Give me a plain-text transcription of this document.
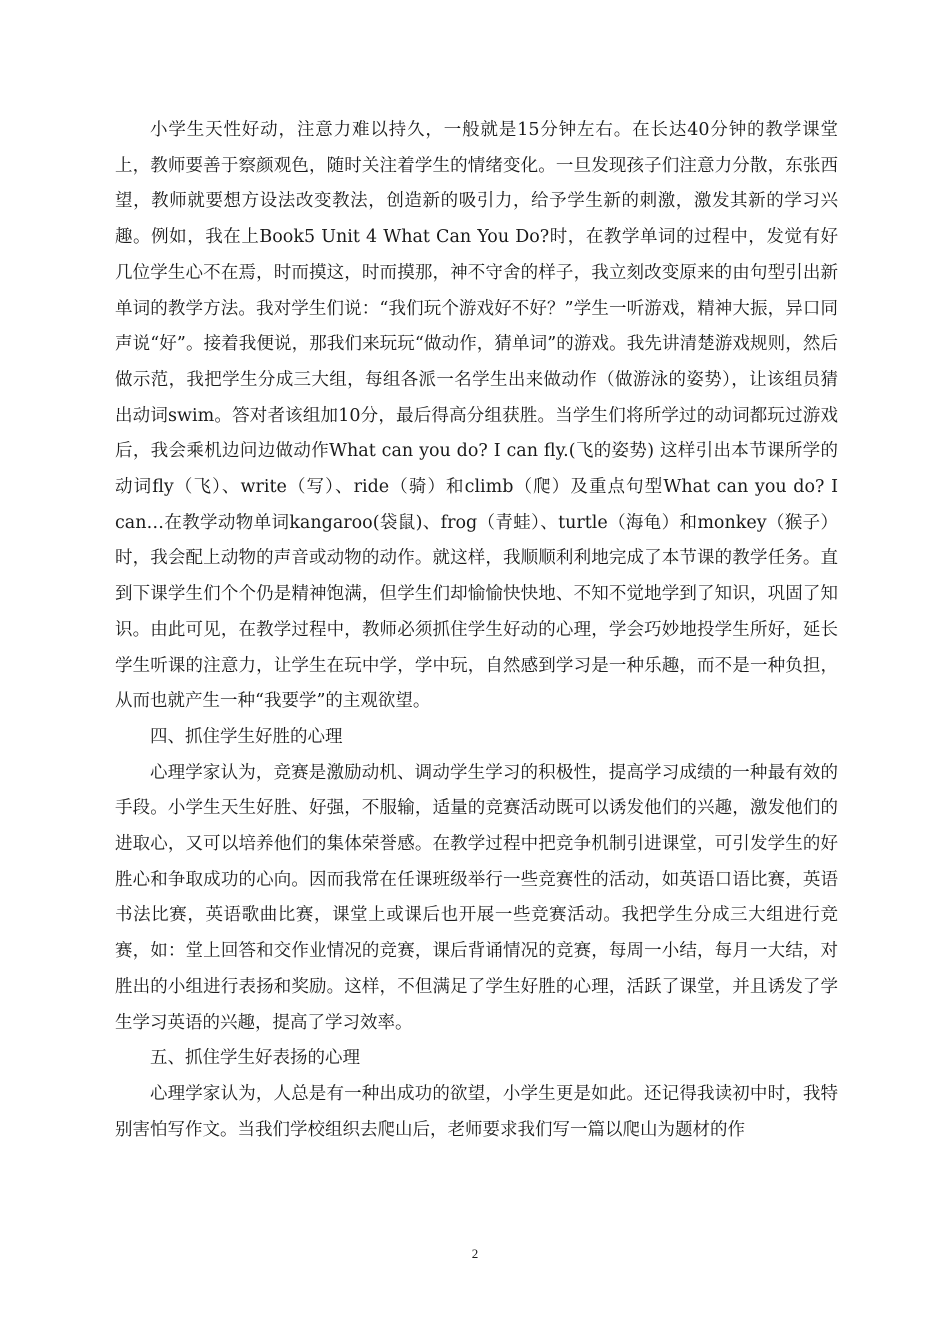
小学生天性好动，注意力难以持久，一般就是15分钟左右。在长达40分钟的教学课堂上，教师要善于察颜观色，随时关注着学生的情绪变化。一旦发现孩子们注意力分散，东张西望，教师就要想方设法改变教法，创造新的吸引力，给予学生新的刺激，激发其新的学习兴趣。例如，我在上Book5 Unit 4 What Can You Do?时，在教学单词的过程中，发觉有好几位学生心不在焉，时而摸这，时而摸那，神不守舍的样子，我立刻改变原来的由句型引出新单词的教学方法。我对学生们说：“我们玩个游戏好不好？”学生一听游戏，精神大振，异口同声说“好”。接着我便说，那我们来玩玩“做动作，猜单词”的游戏。我先讲清楚游戏规则，然后做示范，我把学生分成三大组，每组各派一名学生出来做动作（做游泳的姿势），让该组员猜出动词swim。答对者该组加10分，最后得高分组获胜。当学生们将所学过的动词都玩过游戏后，我会乘机边问边做动作What can you do? I can fly.(飞的姿势) 这样引出本节课所学的动词fly（飞）、write（写）、ride（骑）和climb（爬）及重点句型What can you do? I can…在教学动物单词kangaroo(袋鼠)、frog（青蛙）、turtle（海龟）和monkey（猴子）时，我会配上动物的声音或动物的动作。就这样，我顺顺利利地完成了本节课的教学任务。直到下课学生们个个仍是精神饱满，但学生们却愉愉快快地、不知不觉地学到了知识，巩固了知识。由此可见，在教学过程中，教师必须抓住学生好动的心理，学会巧妙地投学生所好，延长学生听课的注意力，让学生在玩中学，学中玩，自然感到学习是一种乐趣，而不是一种负担，从而也就产生一种“我要学”的主观欲望。

四、抓住学生好胜的心理

心理学家认为，竞赛是激励动机、调动学生学习的积极性，提高学习成绩的一种最有效的手段。小学生天生好胜、好强，不服输，适量的竞赛活动既可以诱发他们的兴趣，激发他们的进取心，又可以培养他们的集体荣誉感。在教学过程中把竞争机制引进课堂，可引发学生的好胜心和争取成功的心向。因而我常在任课班级举行一些竞赛性的活动，如英语口语比赛，英语书法比赛，英语歌曲比赛，课堂上或课后也开展一些竞赛活动。我把学生分成三大组进行竞赛，如：堂上回答和交作业情况的竞赛，课后背诵情况的竞赛，每周一小结，每月一大结，对胜出的小组进行表扬和奖励。这样，不但满足了学生好胜的心理，活跃了课堂，并且诱发了学生学习英语的兴趣，提高了学习效率。

五、抓住学生好表扬的心理

心理学家认为，人总是有一种出成功的欲望，小学生更是如此。还记得我读初中时，我特别害怕写作文。当我们学校组织去爬山后，老师要求我们写一篇以爬山为题材的作

2
